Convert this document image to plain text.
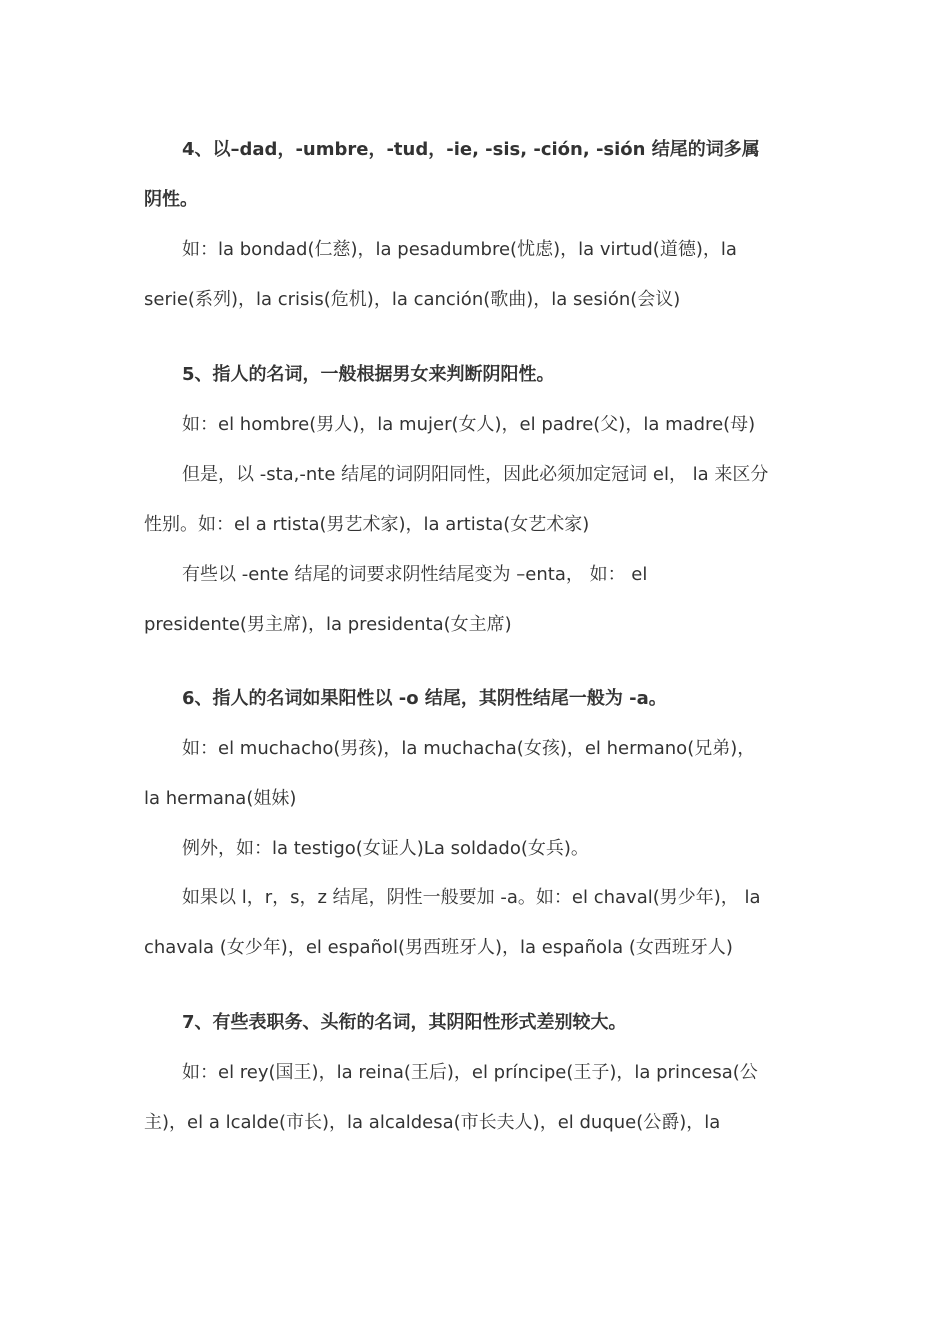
4、以–dad，-umbre，-tud，-ie, -sis, -ción, -sión 结尾的词多属
阴性。
如：la bondad(仁慈)，la pesadumbre(忧虑)，la virtud(道德)，la
serie(系列)，la crisis(危机)，la canción(歌曲)，la sesión(会议)
5、指人的名词，一般根据男女来判断阴阳性。
如：el hombre(男人)，la mujer(女人)，el padre(父)，la madre(母)
但是，以 -sta,-nte 结尾的词阴阳同性，因此必须加定冠词 el， la 来区分
性别。如：el a rtista(男艺术家)，la artista(女艺术家)
有些以 -ente 结尾的词要求阴性结尾变为 –enta， 如： el
presidente(男主席)，la presidenta(女主席)
6、指人的名词如果阳性以 -o 结尾，其阴性结尾一般为 -a。
如：el muchacho(男孩)，la muchacha(女孩)，el hermano(兄弟)，
la hermana(姐妹)
例外，如：la testigo(女证人)La soldado(女兵)。
如果以 l，r，s，z 结尾，阴性一般要加 -a。如：el chaval(男少年)， la
chavala (女少年)，el español(男西班牙人)，la española (女西班牙人)
7、有些表职务、头衔的名词，其阴阳性形式差别较大。
如：el rey(国王)，la reina(王后)，el príncipe(王子)，la princesa(公
主)，el a lcalde(市长)，la alcaldesa(市长夫人)，el duque(公爵)，la
